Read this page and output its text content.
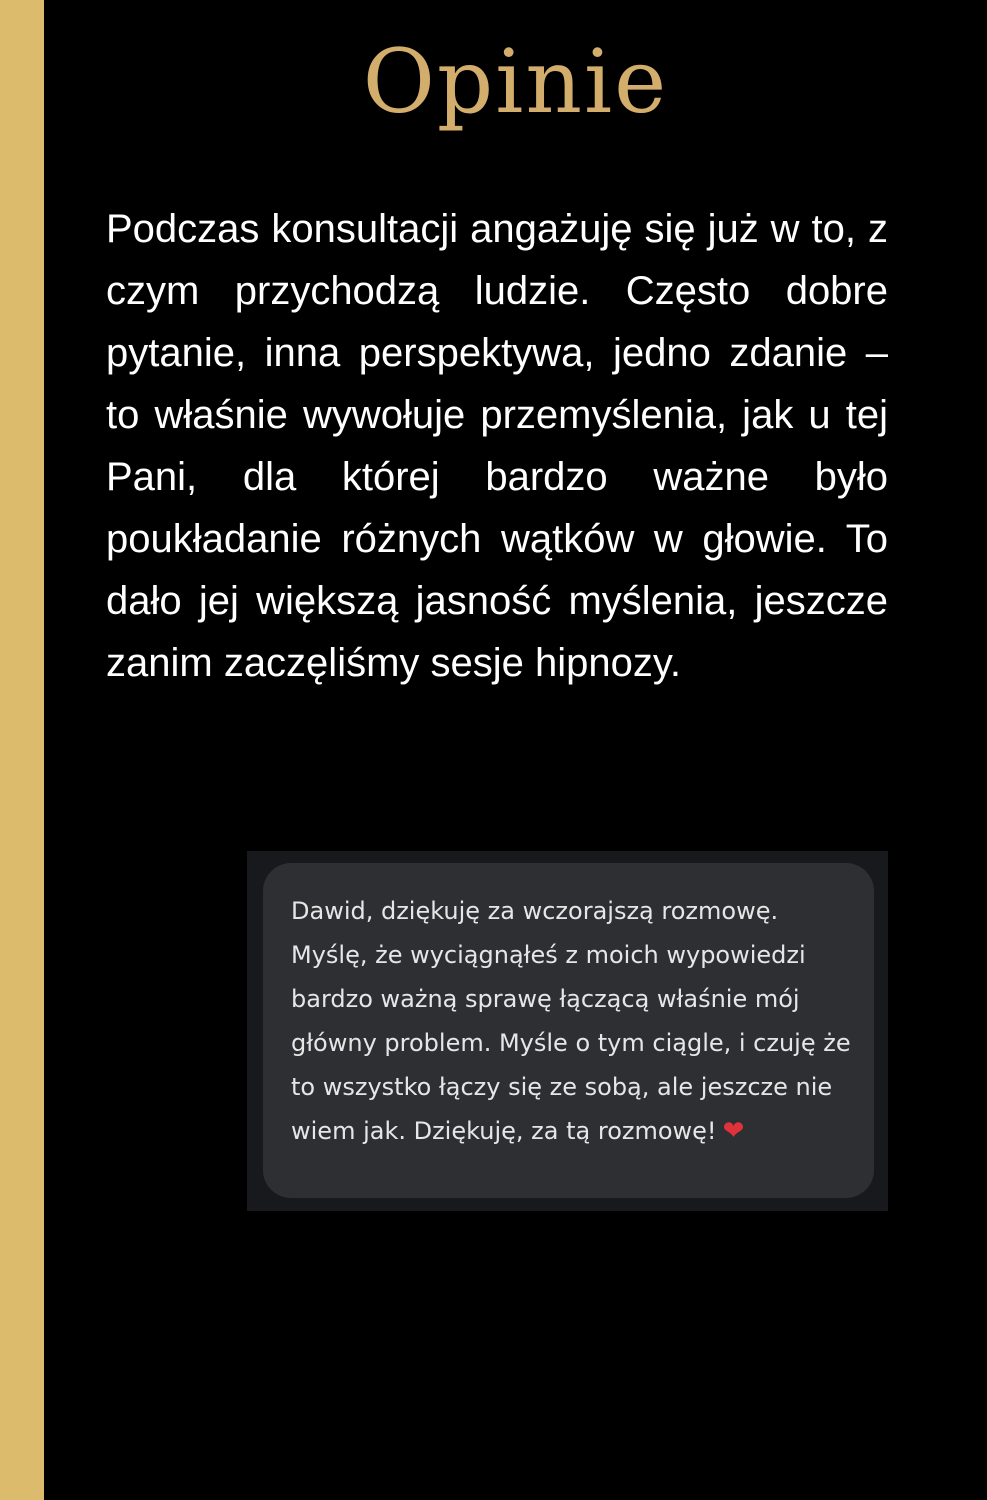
Opinie

Podczas konsultacji angażuję się już w to, z czym przychodzą ludzie. Często dobre pytanie, inna perspektywa, jedno zdanie – to właśnie wywołuje przemyślenia, jak u tej Pani, dla której bardzo ważne było poukładanie różnych wątków w głowie. To dało jej większą jasność myślenia, jeszcze zanim zaczęliśmy sesje hipnozy.

Dawid, dziękuję za wczorajszą rozmowę. Myślę, że wyciągnąłeś z moich wypowiedzi bardzo ważną sprawę łączącą właśnie mój główny problem. Myśle o tym ciągle, i czuję że to wszystko łączy się ze sobą, ale jeszcze nie wiem jak. Dziękuję, za tą rozmowę! ❤
